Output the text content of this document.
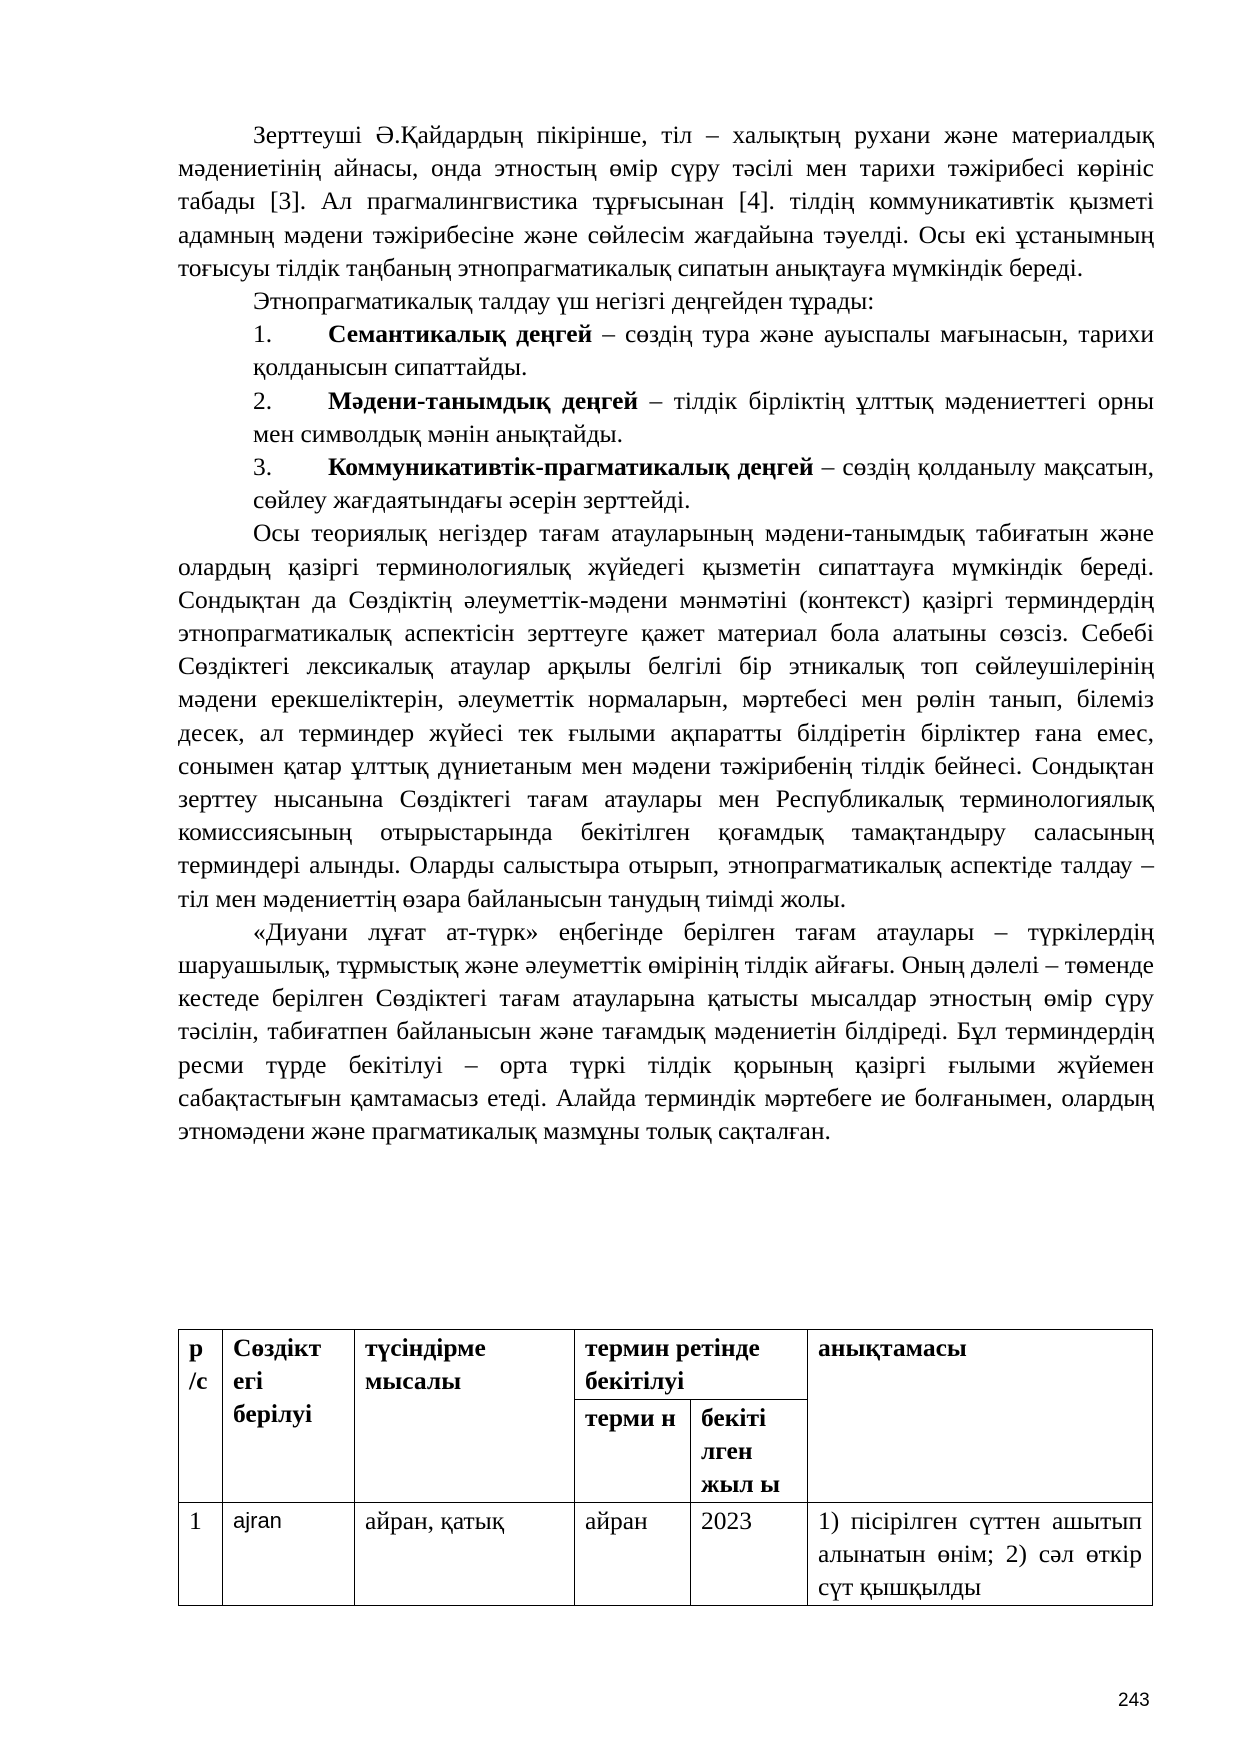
Зерттеуші Ә.Қайдардың пікірінше, тіл – халықтың рухани және материалдық мәдениетінің айнасы, онда этностың өмір сүру тәсілі мен тарихи тәжірибесі көрініс табады [3]. Ал прагмалингвистика тұрғысынан [4]. тілдің коммуникативтік қызметі адамның мәдени тәжірибесіне және сөйлесім жағдайына тәуелді. Осы екі ұстанымның тоғысуы тілдік таңбаның этнопрагматикалық сипатын анықтауға мүмкіндік береді.

Этнопрагматикалық талдау үш негізгі деңгейден тұрады:

1. Семантикалық деңгей – сөздің тура және ауыспалы мағынасын, тарихи қолданысын сипаттайды.
2. Мәдени-танымдық деңгей – тілдік бірліктің ұлттық мәдениеттегі орны мен символдық мәнін анықтайды.
3. Коммуникативтік-прагматикалық деңгей – сөздің қолданылу мақсатын, сөйлеу жағдаятындағы әсерін зерттейді.

Осы теориялық негіздер тағам атауларының мәдени-танымдық табиғатын және олардың қазіргі терминологиялық жүйедегі қызметін сипаттауға мүмкіндік береді. Сондықтан да Сөздіктің әлеуметтік-мәдени мәнмәтіні (контекст) қазіргі терминдердің этнопрагматикалық аспектісін зерттеуге қажет материал бола алатыны сөзсіз. Себебі Сөздіктегі лексикалық атаулар арқылы белгілі бір этникалық топ сөйлеушілерінің мәдени ерекшеліктерін, әлеуметтік нормаларын, мәртебесі мен рөлін танып, білеміз десек, ал терминдер жүйесі тек ғылыми ақпаратты білдіретін бірліктер ғана емес, сонымен қатар ұлттық дүниетаным мен мәдени тәжірибенің тілдік бейнесі. Сондықтан зерттеу нысанына Сөздіктегі тағам атаулары мен Республикалық терминологиялық комиссиясының отырыстарында бекітілген қоғамдық тамақтандыру саласының терминдері алынды. Оларды салыстыра отырып, этнопрагматикалық аспектіде талдау – тіл мен мәдениеттің өзара байланысын танудың тиімді жолы.

«Диуани лұғат ат-түрк» еңбегінде берілген тағам атаулары – түркілердің шаруашылық, тұрмыстық және әлеуметтік өмірінің тілдік айғағы. Оның дәлелі – төменде кестеде берілген Сөздіктегі тағам атауларына қатысты мысалдар этностың өмір сүру тәсілін, табиғатпен байланысын және тағамдық мәдениетін білдіреді. Бұл терминдердің ресми түрде бекітілуі – орта түркі тілдік қорының қазіргі ғылыми жүйемен сабақтастығын қамтамасыз етеді. Алайда терминдік мәртебеге ие болғанымен, олардың этномәдени және прагматикалық мазмұны толық сақталған.

р /с	Сөздікт егі берілуі	түсіндірме мысалы	термин ретінде бекітілуі		анықтамасы
			терми н	бекіті лген жыл ы	
1	ajran	айран, қатық	айран	2023	1) пісірілген сүттен ашытып алынатын өнім; 2) сәл өткір сүт қышқылды
243
